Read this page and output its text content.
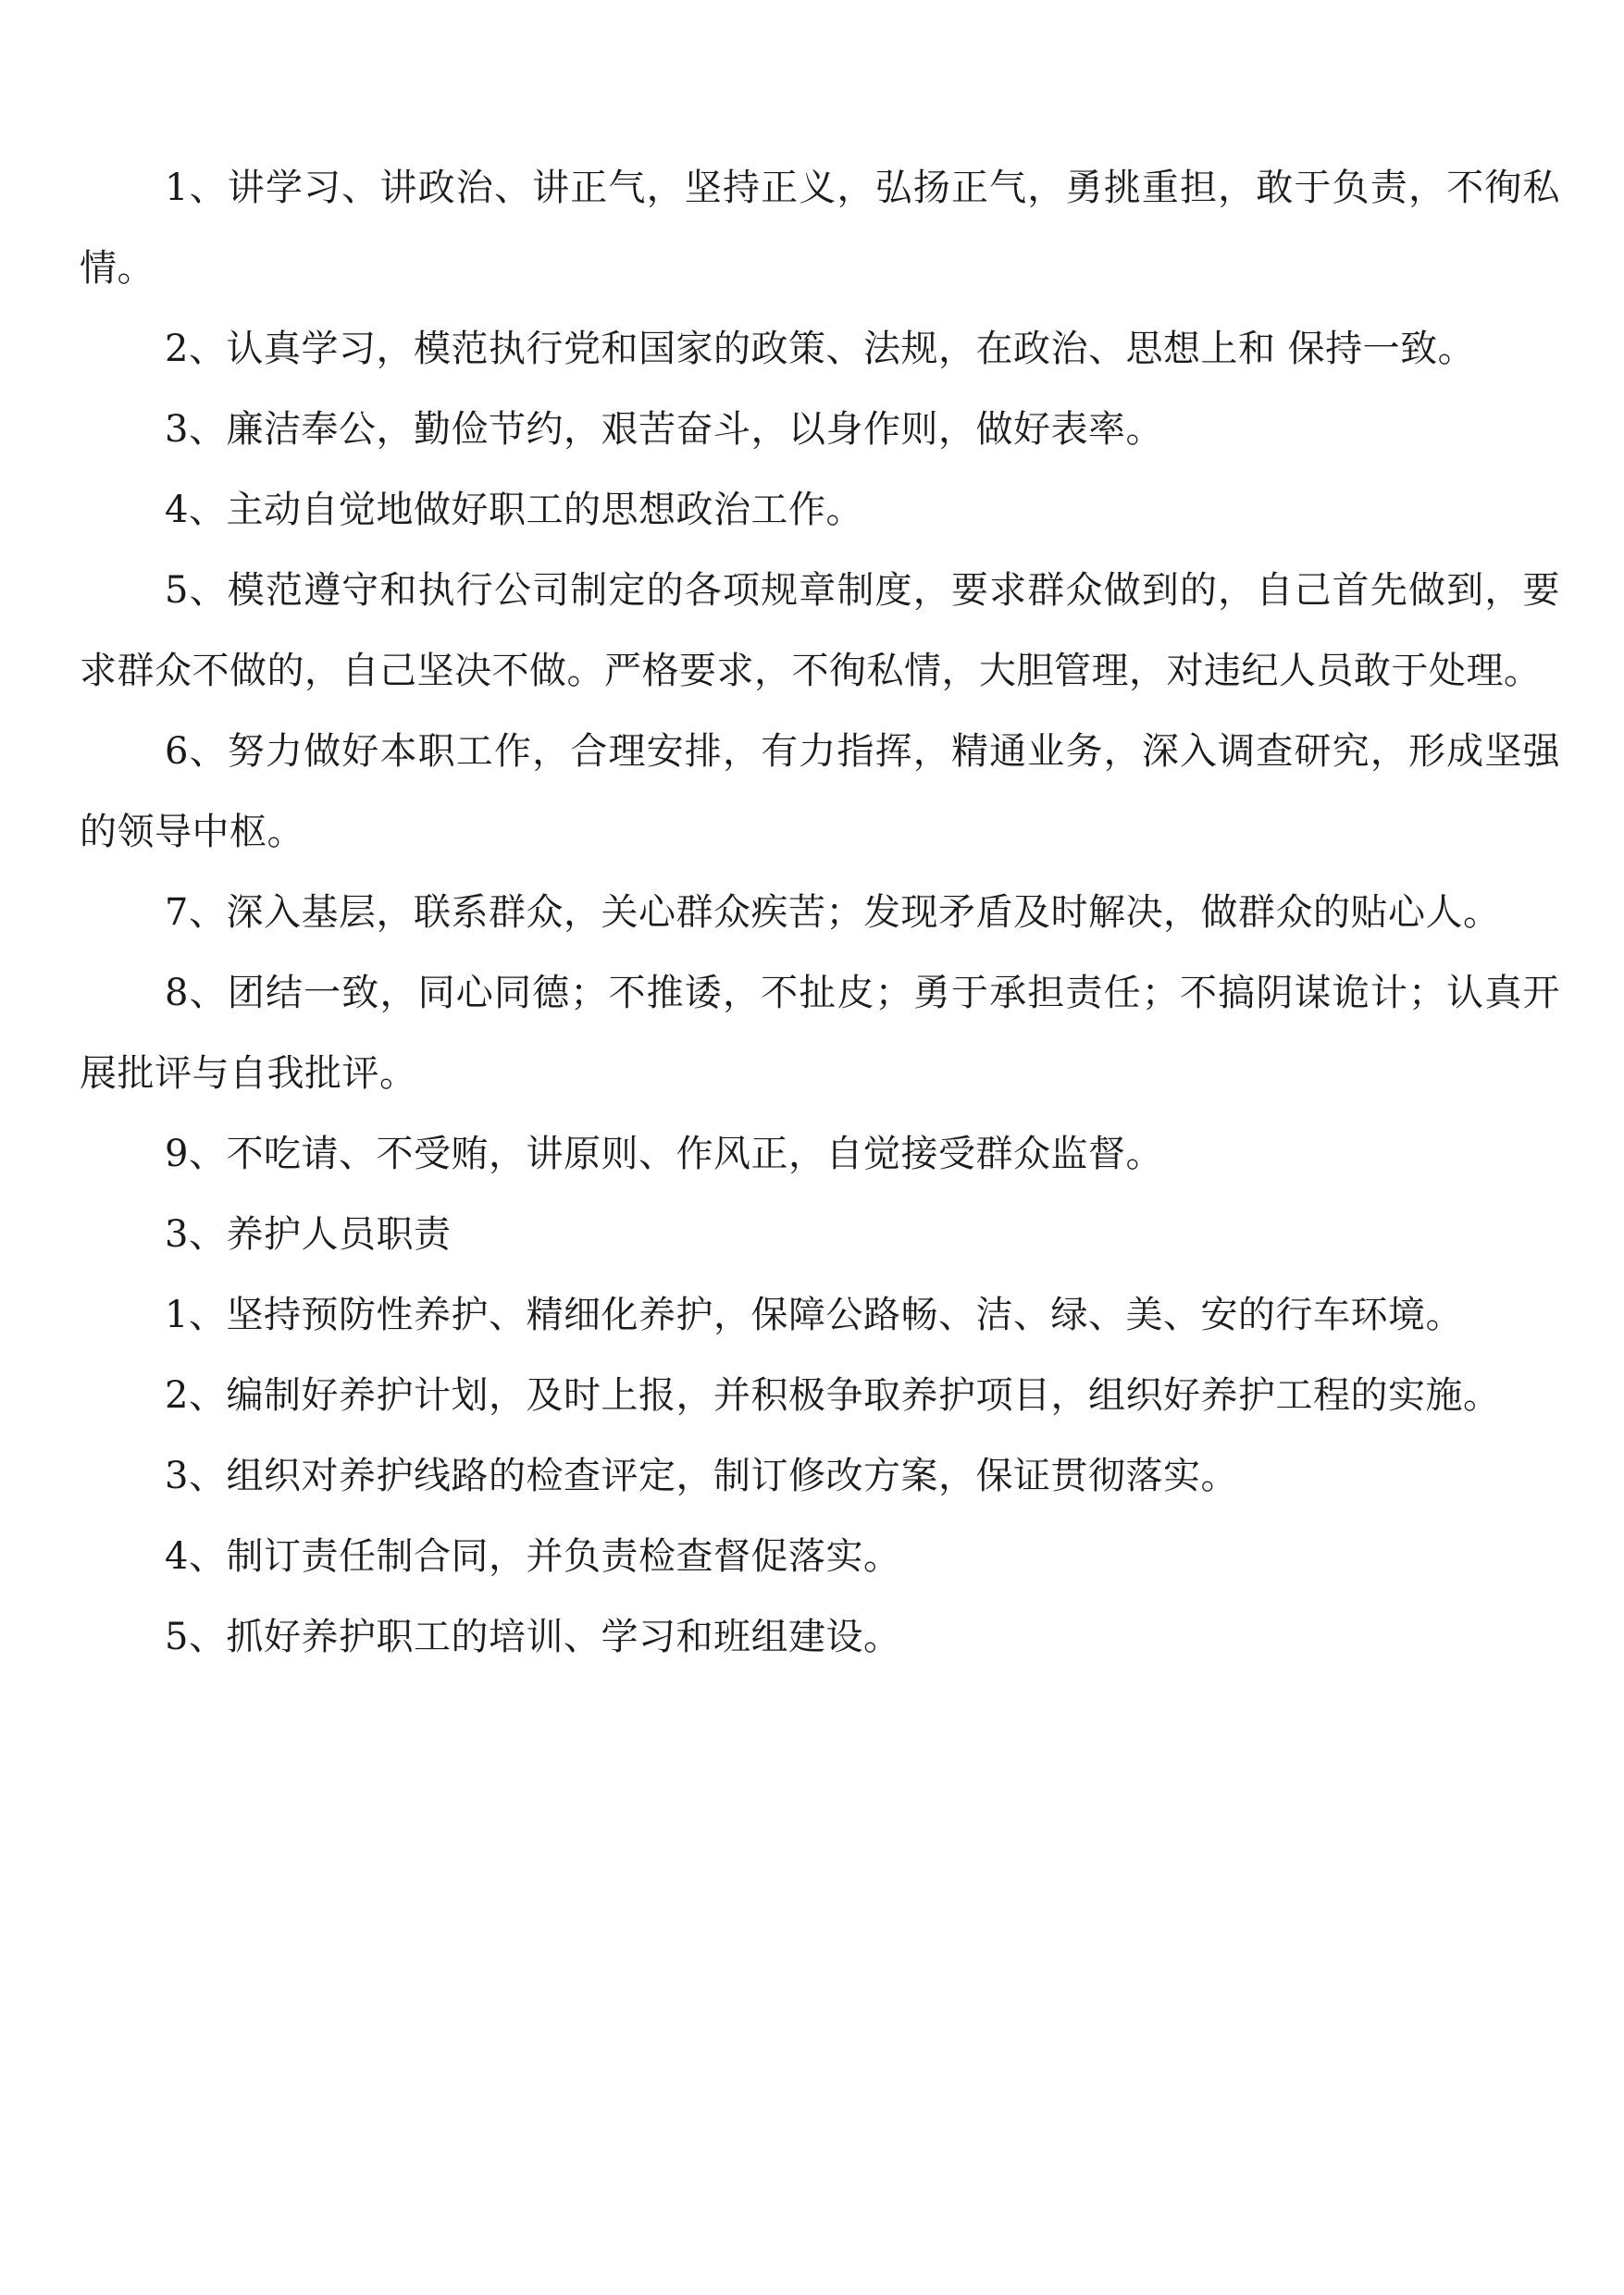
1、讲学习、讲政治、讲正气，坚持正义，弘扬正气，勇挑重担，敢于负责，不徇私情。

2、认真学习，模范执行党和国家的政策、法规，在政治、思想上和 保持一致。

3、廉洁奉公，勤俭节约，艰苦奋斗，以身作则，做好表率。

4、主动自觉地做好职工的思想政治工作。

5、模范遵守和执行公司制定的各项规章制度，要求群众做到的，自己首先做到，要求群众不做的，自己坚决不做。严格要求，不徇私情，大胆管理，对违纪人员敢于处理。

6、努力做好本职工作，合理安排，有力指挥，精通业务，深入调查研究，形成坚强的领导中枢。

7、深入基层，联系群众，关心群众疾苦；发现矛盾及时解决，做群众的贴心人。

8、团结一致，同心同德；不推诿，不扯皮；勇于承担责任；不搞阴谋诡计；认真开展批评与自我批评。

9、不吃请、不受贿，讲原则、作风正，自觉接受群众监督。

3、养护人员职责

1、坚持预防性养护、精细化养护，保障公路畅、洁、绿、美、安的行车环境。

2、编制好养护计划，及时上报，并积极争取养护项目，组织好养护工程的实施。

3、组织对养护线路的检查评定，制订修改方案，保证贯彻落实。

4、制订责任制合同，并负责检查督促落实。

5、抓好养护职工的培训、学习和班组建设。
